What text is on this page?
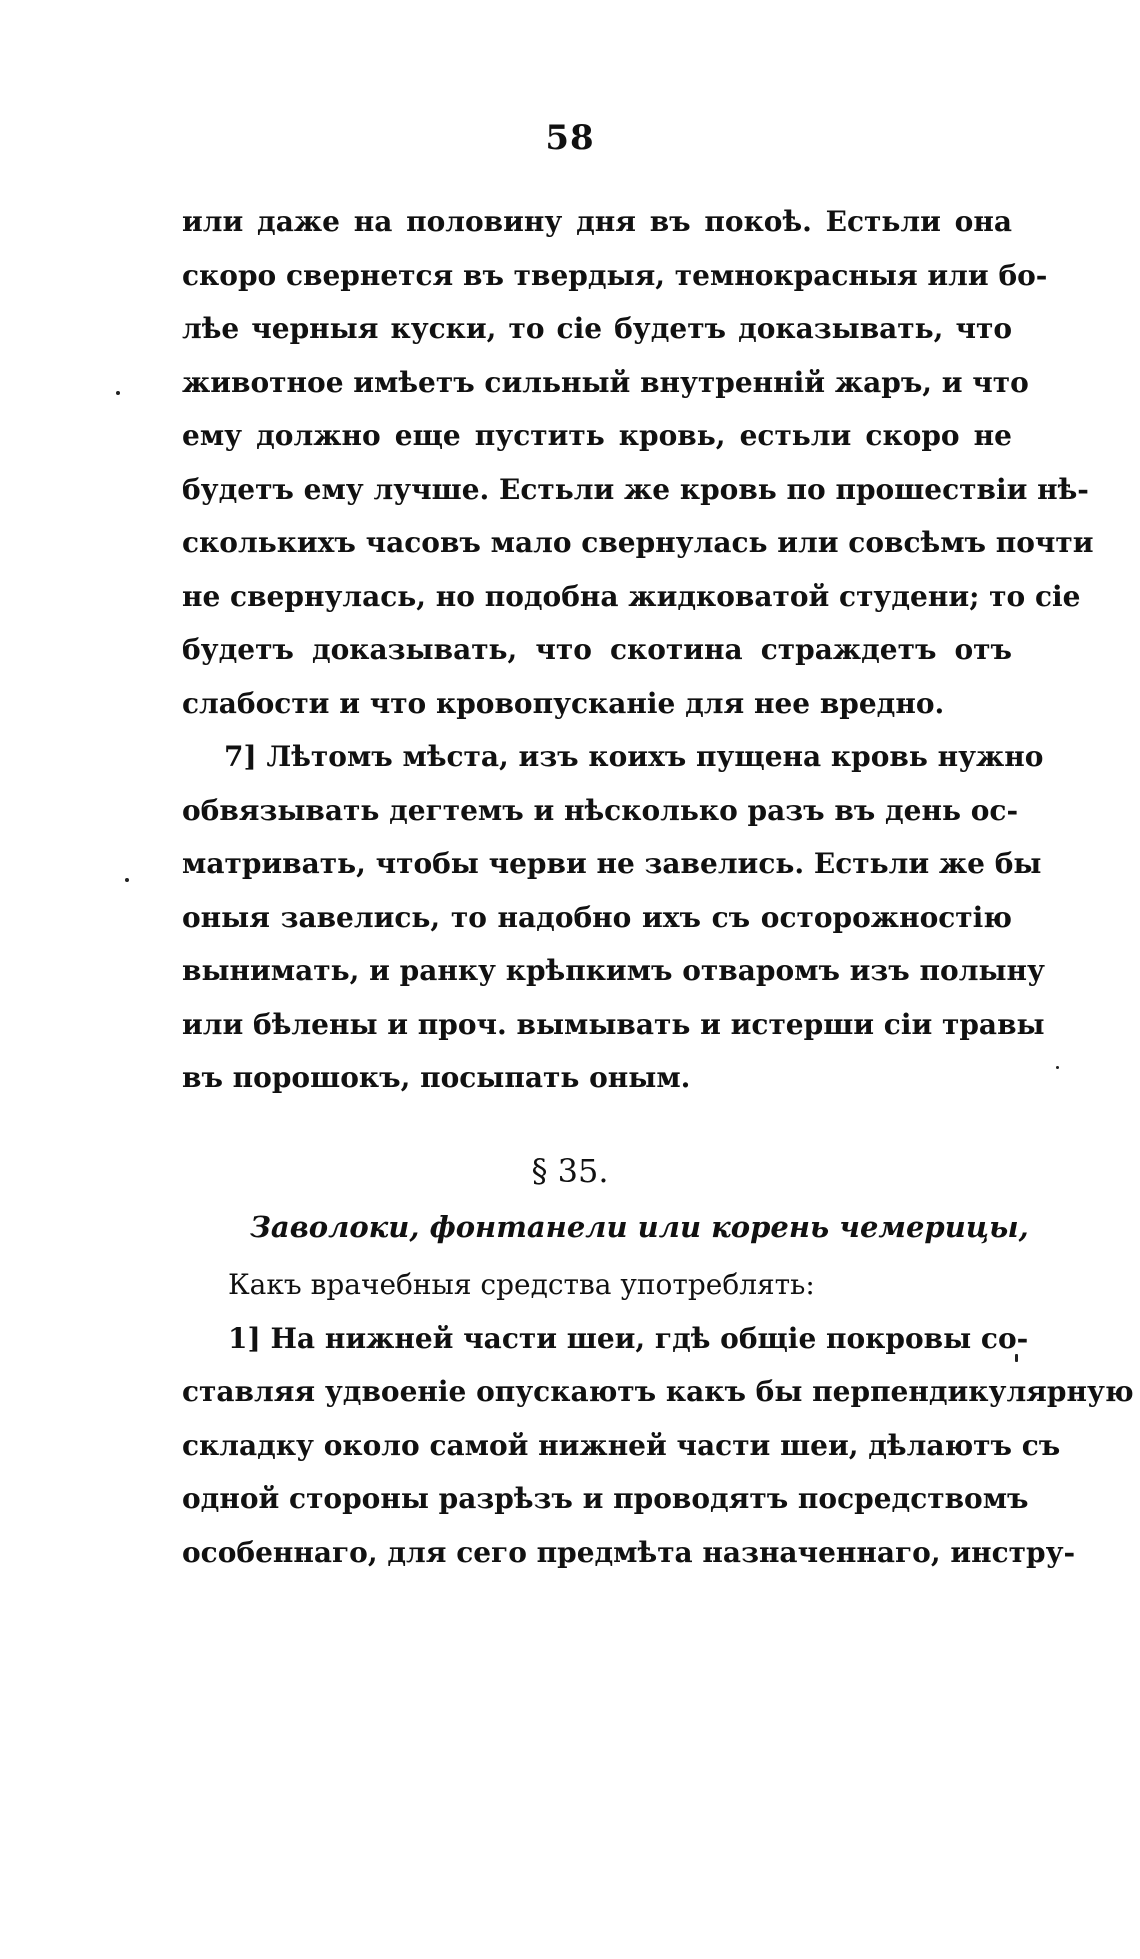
58
или даже на половину дня въ покоѣ. Естьли она
скоро свернется въ твердыя, темнокрасныя или бо-
лѣе черныя куски, то сіе будетъ доказывать, что
животное имѣетъ сильный внутренній жаръ, и что
ему должно еще пустить кровь, естьли скоро не
будетъ ему лучше. Естьли же кровь по прошествіи нѣ-
сколькихъ часовъ мало свернулась или совсѣмъ почти
не свернулась, но подобна жидковатой студени; то сіе
будетъ доказывать, что скотина страждетъ отъ
слабости и что кровопусканіе для нее вредно.
7] Лѣтомъ мѣста, изъ коихъ пущена кровь нужно
обвязывать дегтемъ и нѣсколько разъ въ день ос-
матривать, чтобы черви не завелись. Естьли же бы
оныя завелись, то надобно ихъ съ осторожностію
вынимать, и ранку крѣпкимъ отваромъ изъ полыну
или бѣлены и проч. вымывать и истерши сіи травы
въ порошокъ, посыпать оным.
§ 35.
Заволоки, фонтанели или корень чемерицы,
Какъ врачебныя средства употреблять:
1] На нижней части шеи, гдѣ общіе покровы со-
ставляя удвоеніе опускаютъ какъ бы перпендикулярную
складку около самой нижней части шеи, дѣлаютъ съ
одной стороны разрѣзъ и проводятъ посредствомъ
особеннаго, для сего предмѣта назначеннаго, инстру-
